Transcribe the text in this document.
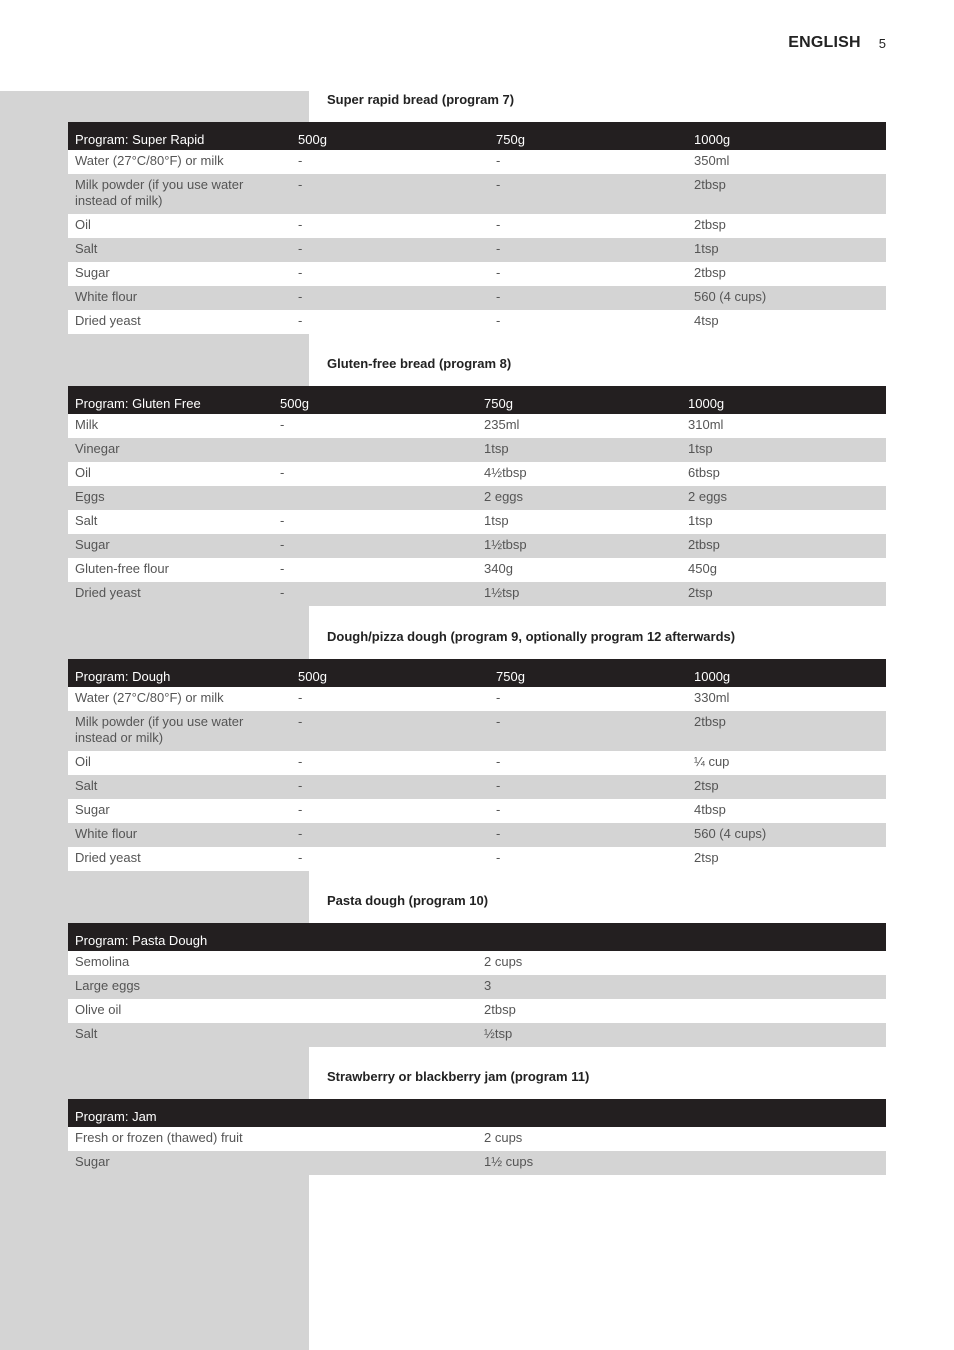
ENGLISH 5
Super rapid bread (program 7)
Program: Super Rapid	500g	750g	1000g
Water (27°C/80°F) or milk	-	-	350ml
Milk powder (if you use water instead of milk)	-	-	2tbsp
Oil	-	-	2tbsp
Salt	-	-	1tsp
Sugar	-	-	2tbsp
White flour	-	-	560 (4 cups)
Dried yeast	-	-	4tsp
Gluten-free bread (program 8)
Program: Gluten Free	500g	750g	1000g
Milk	-	235ml	310ml
Vinegar		1tsp	1tsp
Oil	-	4½tbsp	6tbsp
Eggs		2 eggs	2 eggs
Salt	-	1tsp	1tsp
Sugar	-	1½tbsp	2tbsp
Gluten-free flour	-	340g	450g
Dried yeast	-	1½tsp	2tsp
Dough/pizza dough (program 9, optionally program 12 afterwards)
Program: Dough	500g	750g	1000g
Water (27°C/80°F) or milk	-	-	330ml
Milk powder (if you use water instead or milk)	-	-	2tbsp
Oil	-	-	¼ cup
Salt	-	-	2tsp
Sugar	-	-	4tbsp
White flour	-	-	560 (4 cups)
Dried yeast	-	-	2tsp
Pasta dough (program 10)
Program: Pasta Dough	
Semolina	2 cups
Large eggs	3
Olive oil	2tbsp
Salt	½tsp
Strawberry or blackberry jam (program 11)
Program: Jam	
Fresh or frozen (thawed) fruit	2 cups
Sugar	1½ cups
